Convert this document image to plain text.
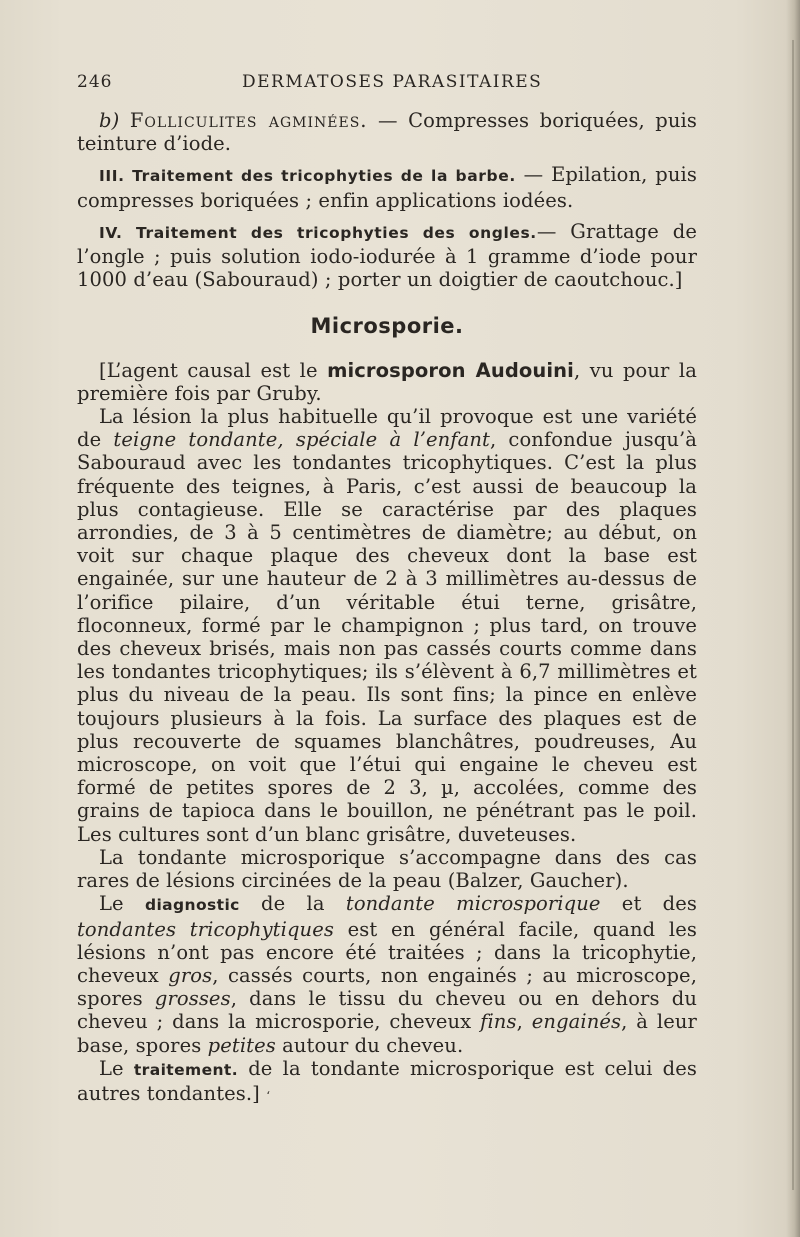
246	DERMATOSES PARASITAIRES

b) Folliculites agminées. — Compresses boriquées, puis teinture d’iode.

III. Traitement des tricophyties de la barbe. — Epilation, puis compresses boriquées ; enfin applications iodées.

IV. Traitement des tricophyties des ongles.— Grattage de l’ongle ; puis solution iodo-iodurée à 1 gramme d’iode pour 1000 d’eau (Sabouraud) ; porter un doigtier de caoutchouc.]

Microsporie.

[L’agent causal est le microsporon Audouini, vu pour la première fois par Gruby.

La lésion la plus habituelle qu’il provoque est une variété de teigne tondante, spéciale à l’enfant, confondue jusqu’à Sabouraud avec les tondantes tricophytiques. C’est la plus fréquente des teignes, à Paris, c’est aussi de beaucoup la plus contagieuse. Elle se caractérise par des plaques arrondies, de 3 à 5 centimètres de diamètre; au début, on voit sur chaque plaque des cheveux dont la base est engainée, sur une hauteur de 2 à 3 millimètres au-dessus de l’orifice pilaire, d’un véritable étui terne, grisâtre, floconneux, formé par le champignon ; plus tard, on trouve des cheveux brisés, mais non pas cassés courts comme dans les tondantes tricophytiques; ils s’élèvent à 6,7 millimètres et plus du niveau de la peau. Ils sont fins; la pince en enlève toujours plusieurs à la fois. La surface des plaques est de plus recouverte de squames blanchâtres, poudreuses, Au microscope, on voit que l’étui qui engaine le cheveu est formé de petites spores de 2 3, µ, accolées, comme des grains de tapioca dans le bouillon, ne pénétrant pas le poil. Les cultures sont d’un blanc grisâtre, duveteuses.

La tondante microsporique s’accompagne dans des cas rares de lésions circinées de la peau (Balzer, Gaucher).

Le diagnostic de la tondante microsporique et des tondantes tricophytiques est en général facile, quand les lésions n’ont pas encore été traitées ; dans la tricophytie, cheveux gros, cassés courts, non engainés ; au microscope, spores grosses, dans le tissu du cheveu ou en dehors du cheveu ; dans la microsporie, cheveux fins, engainés, à leur base, spores petites autour du cheveu.

Le traitement. de la tondante microsporique est celui des autres tondantes.] ‘
